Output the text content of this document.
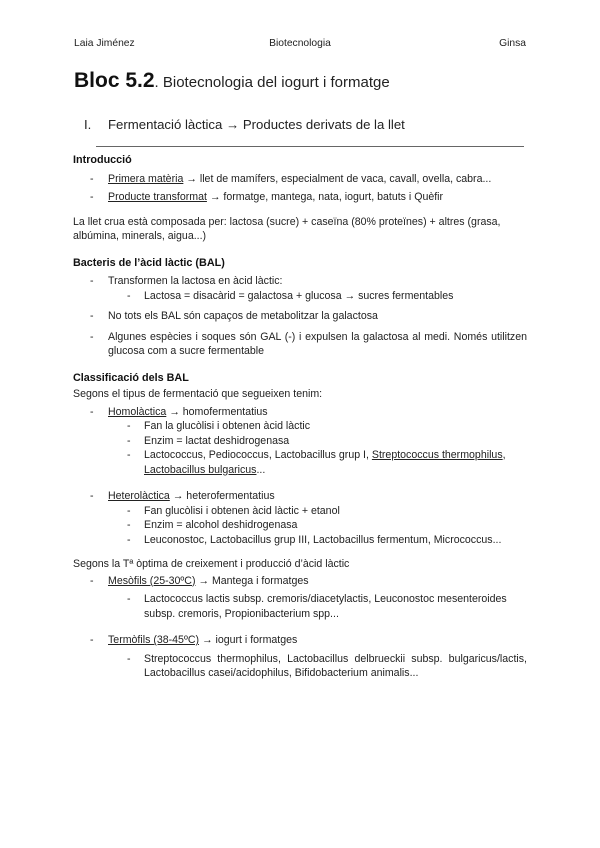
Laia Jiménez	Biotecnologia	Ginsa
Bloc 5.2. Biotecnologia del iogurt i formatge
I. Fermentació làctica → Productes derivats de la llet
Introducció
- Primera matèria → llet de mamífers, especialment de vaca, cavall, ovella, cabra...
- Producte transformat → formatge, mantega, nata, iogurt, batuts i Quèfir

La llet crua està composada per: lactosa (sucre) + caseïna (80% proteïnes) + altres (grasa, albúmina, minerals, aigua...)

Bacteris de l’àcid làctic (BAL)
- Transformen la lactosa en àcid làctic:
- Lactosa = disacàrid = galactosa + glucosa → sucres fermentables
- No tots els BAL són capaços de metabolitzar la galactosa
- Algunes espècies i soques són GAL (-) i expulsen la galactosa al medi. Només utilitzen glucosa com a sucre fermentable
Classificació dels BAL

Segons el tipus de fermentació que segueixen tenim:

- Homolàctica → homofermentatius
- Fan la glucòlisi i obtenen àcid làctic
- Enzim = lactat deshidrogenasa
- Lactococcus, Pediococcus, Lactobacillus grup I, Streptococcus thermophilus, Lactobacillus bulgaricus...
- Heterolàctica → heterofermentatius
- Fan glucòlisi i obtenen àcid làctic + etanol
- Enzim = alcohol deshidrogenasa
- Leuconostoc, Lactobacillus grup III, Lactobacillus fermentum, Micrococcus...

Segons la Tª òptima de creixement i producció d’àcid làctic

- Mesòfils (25-30ºC) → Mantega i formatges
- Lactococcus lactis subsp. cremoris/diacetylactis, Leuconostoc mesenteroides subsp. cremoris, Propionibacterium spp...
- Termòfils (38-45ºC) → iogurt i formatges
- Streptococcus thermophilus, Lactobacillus delbrueckii subsp. bulgaricus/lactis, Lactobacillus casei/acidophilus, Bifidobacterium animalis...
